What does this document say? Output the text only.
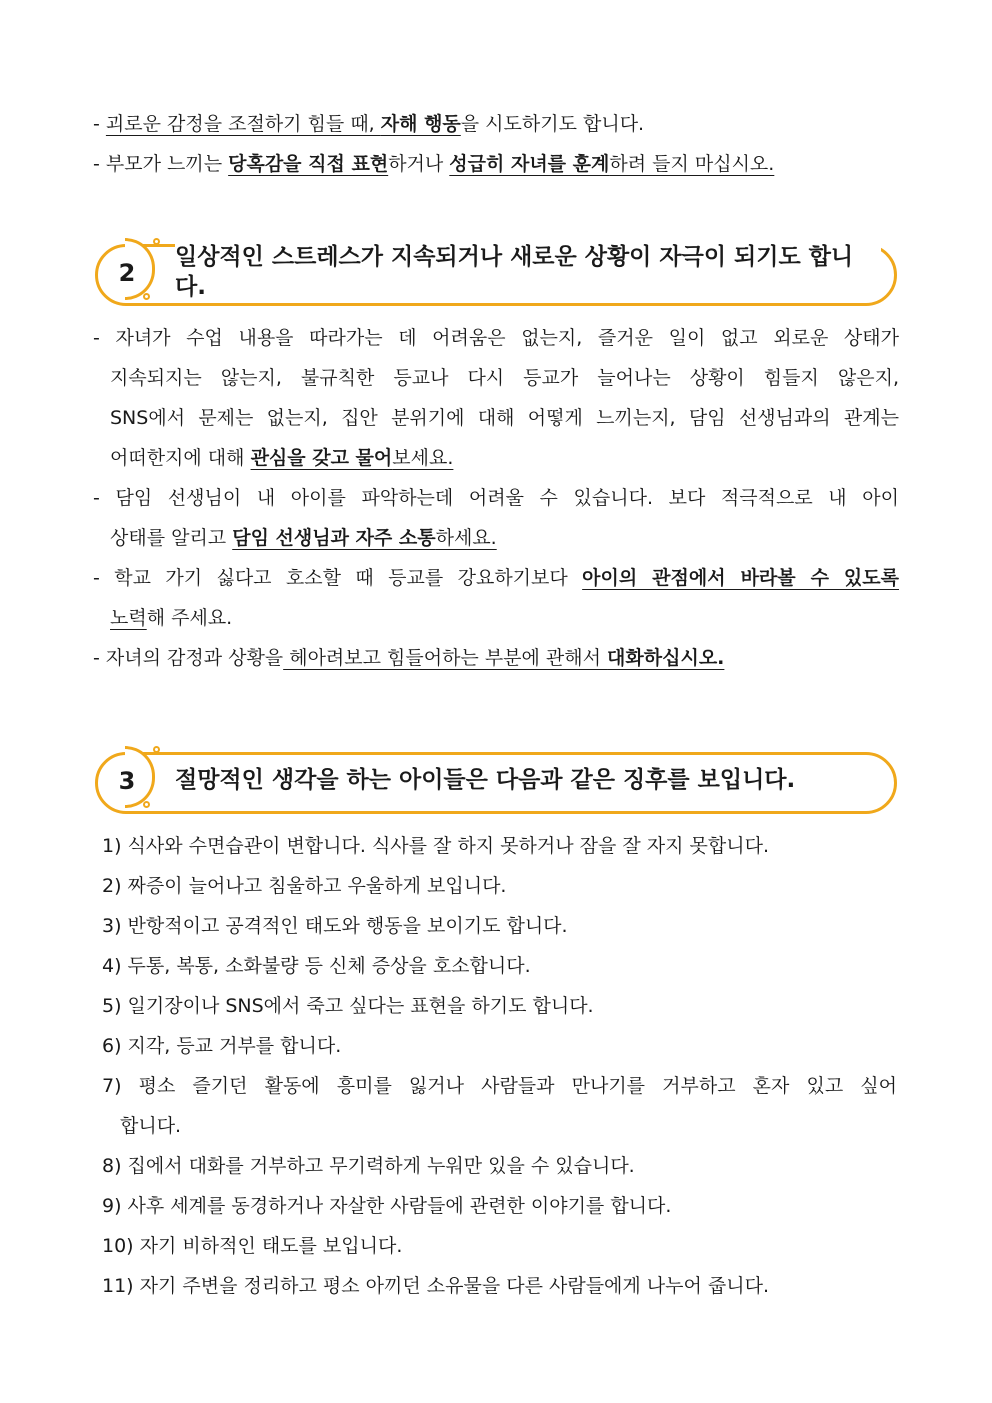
- 괴로운 감정을 조절하기 힘들 때, 자해 행동을 시도하기도 합니다.
- 부모가 느끼는 당혹감을 직접 표현하거나 성급히 자녀를 훈계하려 들지 마십시오.
2
일상적인 스트레스가 지속되거나 새로운 상황이 자극이 되기도 합니
다.
- 자녀가 수업 내용을 따라가는 데 어려움은 없는지, 즐거운 일이 없고 외로운 상태가
지속되지는 않는지, 불규칙한 등교나 다시 등교가 늘어나는 상황이 힘들지 않은지,
SNS에서 문제는 없는지, 집안 분위기에 대해 어떻게 느끼는지, 담임 선생님과의 관계는
어떠한지에 대해 관심을 갖고 물어보세요.
- 담임 선생님이 내 아이를 파악하는데 어려울 수 있습니다. 보다 적극적으로 내 아이
상태를 알리고 담임 선생님과 자주 소통하세요.
- 학교 가기 싫다고 호소할 때 등교를 강요하기보다 아이의 관점에서 바라볼 수 있도록
노력해 주세요.
- 자녀의 감정과 상황을 헤아려보고 힘들어하는 부분에 관해서 대화하십시오.
3 절망적인 생각을 하는 아이들은 다음과 같은 징후를 보입니다.
1) 식사와 수면습관이 변합니다. 식사를 잘 하지 못하거나 잠을 잘 자지 못합니다.
2) 짜증이 늘어나고 침울하고 우울하게 보입니다.
3) 반항적이고 공격적인 태도와 행동을 보이기도 합니다.
4) 두통, 복통, 소화불량 등 신체 증상을 호소합니다.
5) 일기장이나 SNS에서 죽고 싶다는 표현을 하기도 합니다.
6) 지각, 등교 거부를 합니다.
7) 평소 즐기던 활동에 흥미를 잃거나 사람들과 만나기를 거부하고 혼자 있고 싶어
합니다.
8) 집에서 대화를 거부하고 무기력하게 누워만 있을 수 있습니다.
9) 사후 세계를 동경하거나 자살한 사람들에 관련한 이야기를 합니다.
10) 자기 비하적인 태도를 보입니다.
11) 자기 주변을 정리하고 평소 아끼던 소유물을 다른 사람들에게 나누어 줍니다.
